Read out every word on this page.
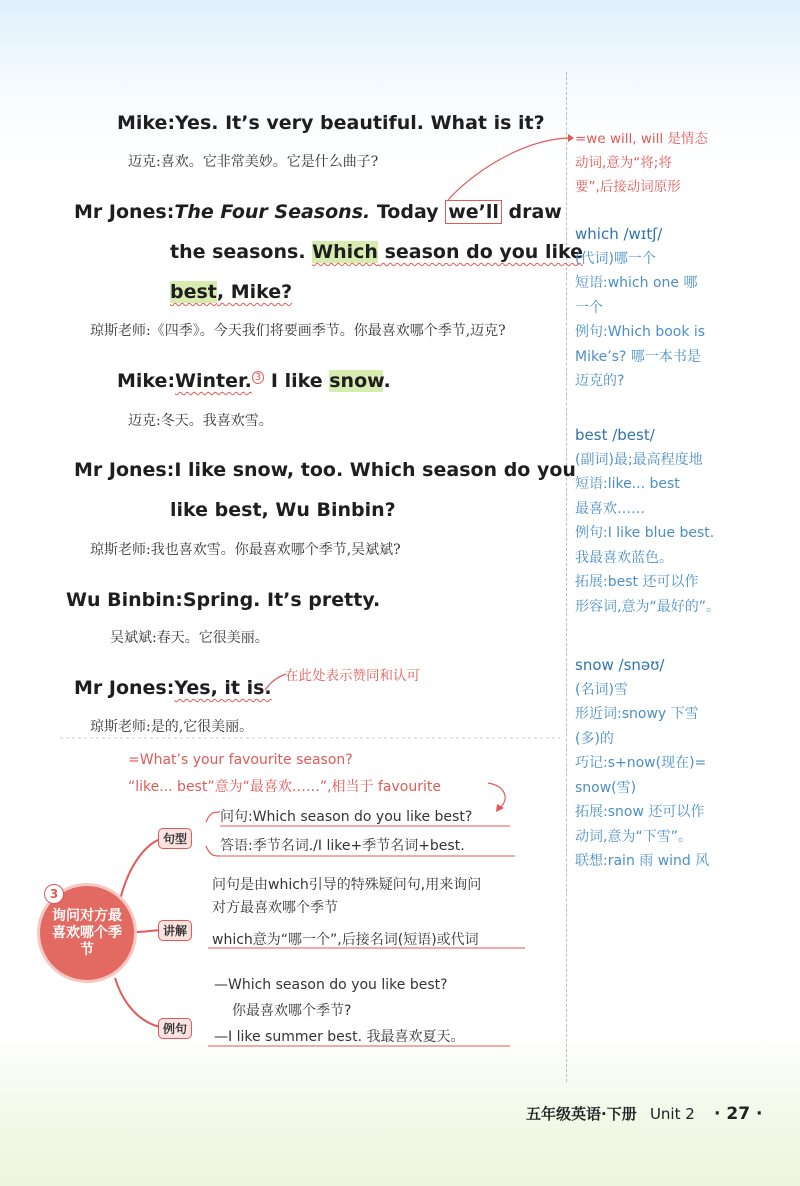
Mike:Yes. It’s very beautiful. What is it?
迈克:喜欢。它非常美妙。它是什么曲子?
Mr Jones:The Four Seasons. Today we’ll draw
the seasons. Which season do you like
best, Mike?
琼斯老师:《四季》。今天我们将要画季节。你最喜欢哪个季节,迈克?
Mike:Winter. $^3$ I like snow.
迈克:冬天。我喜欢雪。
Mr Jones:I like snow, too. Which season do you
like best, Wu Binbin?
琼斯老师:我也喜欢雪。你最喜欢哪个季节,吴斌斌?
Wu Binbin:Spring. It’s pretty.
吴斌斌:春天。它很美丽。
Mr Jones:Yes, it is.
琼斯老师:是的,它很美丽。
=we will, will 是情态
动词,意为“将;将
要”,后接动词原形
在此处表示赞同和认可
=What’s your favourite season?
“like... best”意为“最喜欢……”,相当于 favourite
which /wɪtʃ/
(代词)哪一个
短语:which one 哪
一个
例句:Which book is
Mike’s? 哪一本书是
迈克的?
best /best/
(副词)最;最高程度地
短语:like... best
最喜欢……
例句:I like blue best.
我最喜欢蓝色。
拓展:best 还可以作
形容词,意为“最好的”。
snow /snəʊ/
(名词)雪
形近词:snowy 下雪
(多)的
巧记:s+now(现在)=
snow(雪)
拓展:snow 还可以作
动词,意为“下雪”。
联想:rain 雨 wind 风
询问对方最喜欢哪个季节
3
句型
问句:Which season do you like best?
答语:季节名词./I like+季节名词+best.
讲解
问句是由which引导的特殊疑问句,用来询问
对方最喜欢哪个季节
which意为“哪一个”,后接名词(短语)或代词
例句
—Which season do you like best?
你最喜欢哪个季节?
—I like summer best. 我最喜欢夏天。
五年级英语·下册 Unit 2 · 27 ·
